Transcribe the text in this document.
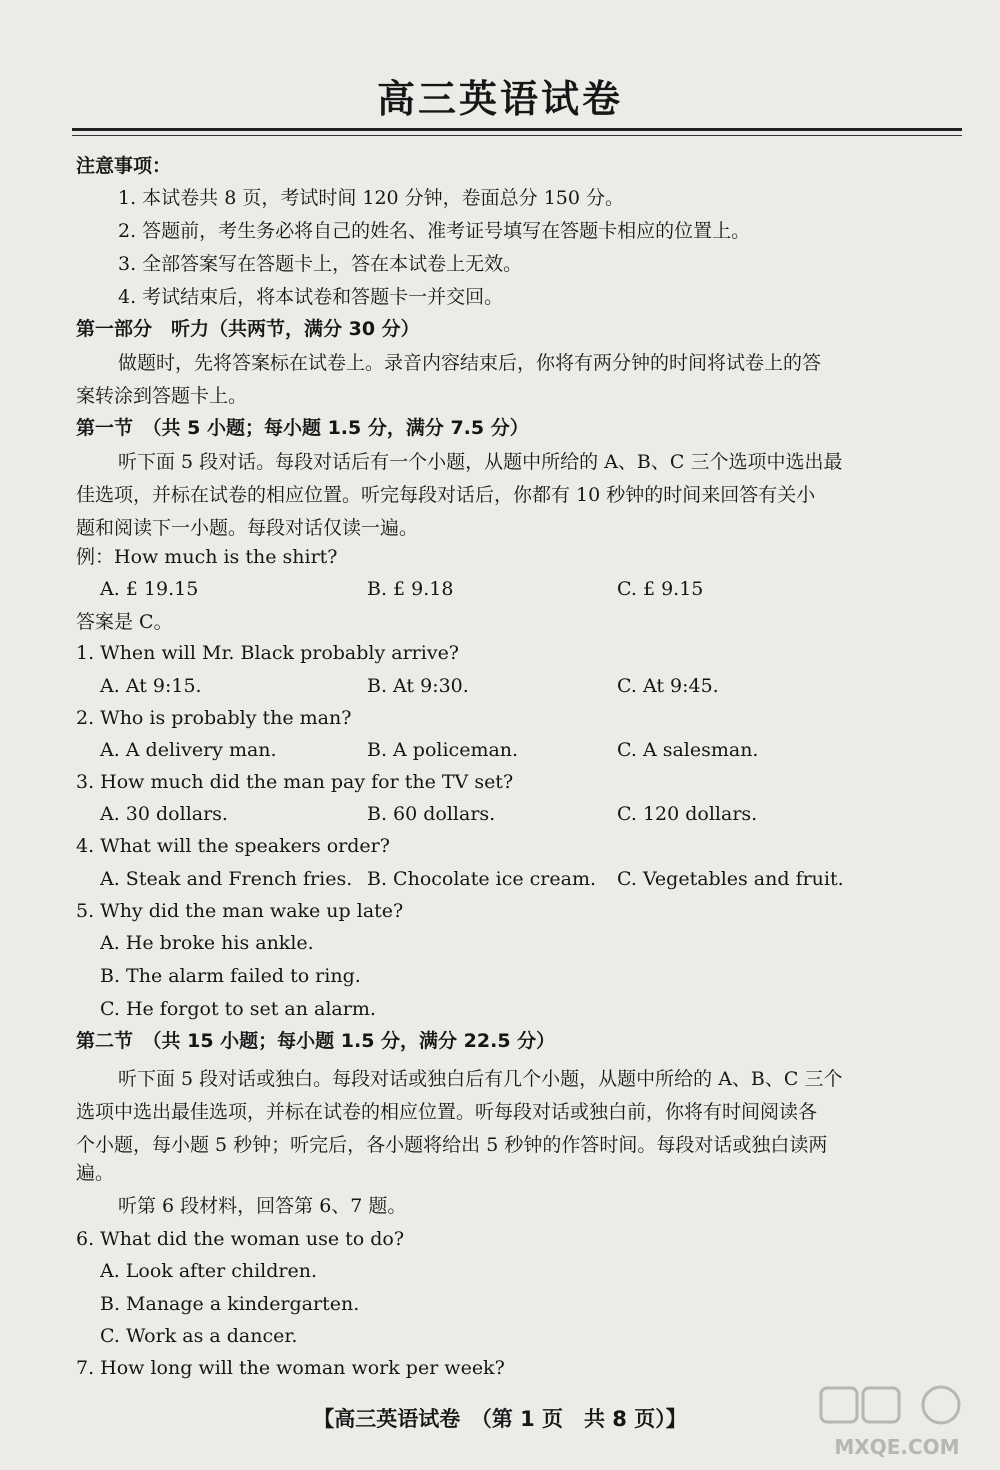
高三英语试卷
注意事项：
1. 本试卷共 8 页，考试时间 120 分钟，卷面总分 150 分。
2. 答题前，考生务必将自己的姓名、准考证号填写在答题卡相应的位置上。
3. 全部答案写在答题卡上，答在本试卷上无效。
4. 考试结束后，将本试卷和答题卡一并交回。
第一部分　听力（共两节，满分 30 分）
做题时，先将答案标在试卷上。录音内容结束后，你将有两分钟的时间将试卷上的答
案转涂到答题卡上。
第一节　（共 5 小题；每小题 1.5 分，满分 7.5 分）
听下面 5 段对话。每段对话后有一个小题，从题中所给的 A、B、C 三个选项中选出最
佳选项，并标在试卷的相应位置。听完每段对话后，你都有 10 秒钟的时间来回答有关小
题和阅读下一小题。每段对话仅读一遍。
例：How much is the shirt?
A. £ 19.15	B. £ 9.18	C. £ 9.15
答案是 C。
1. When will Mr. Black probably arrive?
A. At 9:15.	B. At 9:30.	C. At 9:45.
2. Who is probably the man?
A. A delivery man.	B. A policeman.	C. A salesman.
3. How much did the man pay for the TV set?
A. 30 dollars.	B. 60 dollars.	C. 120 dollars.
4. What will the speakers order?
A. Steak and French fries. B. Chocolate ice cream. C. Vegetables and fruit.
5. Why did the man wake up late?
A. He broke his ankle.
B. The alarm failed to ring.
C. He forgot to set an alarm.
第二节　（共 15 小题；每小题 1.5 分，满分 22.5 分）
听下面 5 段对话或独白。每段对话或独白后有几个小题，从题中所给的 A、B、C 三个
选项中选出最佳选项，并标在试卷的相应位置。听每段对话或独白前，你将有时间阅读各
个小题，每小题 5 秒钟；听完后，各小题将给出 5 秒钟的作答时间。每段对话或独白读两
遍。
听第 6 段材料，回答第 6、7 题。
6. What did the woman use to do?
A. Look after children.
B. Manage a kindergarten.
C. Work as a dancer.
7. How long will the woman work per week?
【高三英语试卷　（第 1 页　共 8 页）】
MXQE.COM
